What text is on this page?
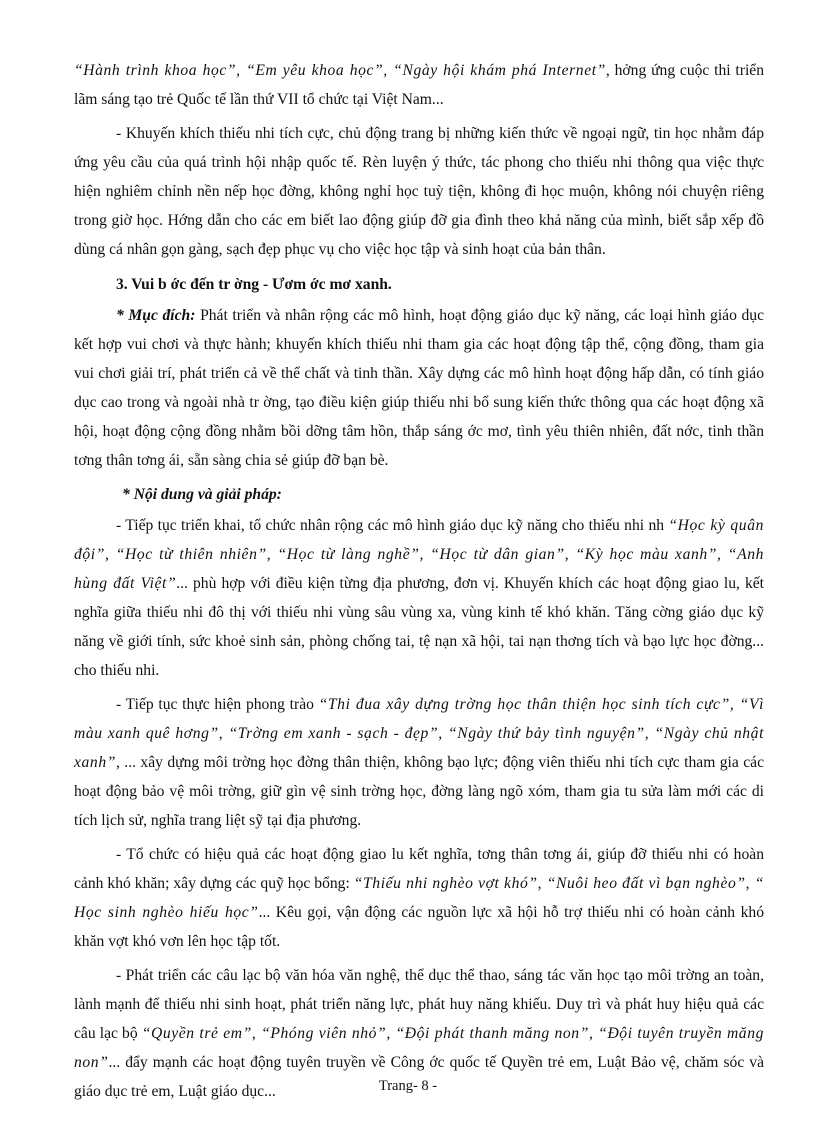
“Hành trình khoa học”, “Em yêu khoa học”, “Ngày hội khám phá Internet”, hởng ứng cuộc thi triển lãm sáng tạo trẻ Quốc tế lần thứ VII tổ chức tại Việt Nam...

- Khuyến khích thiếu nhi tích cực, chủ động trang bị những kiến thức về ngoại ngữ, tin học nhằm đáp ứng yêu cầu của quá trình hội nhập quốc tế. Rèn luyện ý thức, tác phong cho thiếu nhi thông qua việc thực hiện nghiêm chỉnh nền nếp học đờng, không nghỉ học tuỳ tiện, không đi học muộn, không nói chuyện riêng trong giờ học. Hớng dẫn cho các em biết lao động giúp đỡ gia đình theo khả năng của mình, biết sắp xếp đồ dùng cá nhân gọn gàng, sạch đẹp phục vụ cho việc học tập và sinh hoạt của bản thân.

3. Vui b ớc đến tr ờng - Ươm ớc mơ xanh.

* Mục đích: Phát triển và nhân rộng các mô hình, hoạt động giáo dục kỹ năng, các loại hình giáo dục kết hợp vui chơi và thực hành; khuyến khích thiếu nhi tham gia các hoạt động tập thể, cộng đồng, tham gia vui chơi giải trí, phát triển cả về thể chất và tinh thần. Xây dựng các mô hình hoạt động hấp dẫn, có tính giáo dục cao trong và ngoài nhà tr ờng, tạo điều kiện giúp thiếu nhi bổ sung kiến thức thông qua các hoạt động xã hội, hoạt động cộng đồng nhằm bồi dỡng tâm hồn, thắp sáng ớc mơ, tình yêu thiên nhiên, đất nớc, tinh thần tơng thân tơng ái, sẵn sàng chia sẻ giúp đỡ bạn bè.

* Nội dung và giải pháp:

- Tiếp tục triển khai, tổ chức nhân rộng các mô hình giáo dục kỹ năng cho thiếu nhi nh “Học kỳ quân đội”, “Học từ thiên nhiên”, “Học từ làng nghề”, “Học từ dân gian”, “Kỳ học màu xanh”, “Anh hùng đất Việt”... phù hợp với điều kiện từng địa phương, đơn vị. Khuyến khích các hoạt động giao lu, kết nghĩa giữa thiếu nhi đô thị với thiếu nhi vùng sâu vùng xa, vùng kinh tế khó khăn. Tăng cờng giáo dục kỹ năng về giới tính, sức khoẻ sinh sản, phòng chống tai, tệ nạn xã hội, tai nạn thơng tích và bạo lực học đờng... cho thiếu nhi.

- Tiếp tục thực hiện phong trào “Thi đua xây dựng trờng học thân thiện học sinh tích cực”, “Vì màu xanh quê hơng”, “Trờng em xanh - sạch - đẹp”, “Ngày thứ bảy tình nguyện”, “Ngày chủ nhật xanh”, ... xây dựng môi trờng học đờng thân thiện, không bạo lực; động viên thiếu nhi tích cực tham gia các hoạt động bảo vệ môi trờng, giữ gìn vệ sinh trờng học, đờng làng ngõ xóm, tham gia tu sửa làm mới các di tích lịch sử, nghĩa trang liệt sỹ tại địa phương.

- Tổ chức có hiệu quả các hoạt động giao lu kết nghĩa, tơng thân tơng ái, giúp đỡ thiếu nhi có hoàn cảnh khó khăn; xây dựng các quỹ học bổng: “Thiếu nhi nghèo vợt khó”, “Nuôi heo đất vì bạn nghèo”, “ Học sinh nghèo hiếu học”... Kêu gọi, vận động các nguồn lực xã hội hỗ trợ thiếu nhi có hoàn cảnh khó khăn vợt khó vơn lên học tập tốt.

- Phát triển các câu lạc bộ văn hóa văn nghệ, thể dục thể thao, sáng tác văn học tạo môi trờng an toàn, lành mạnh để thiếu nhi sinh hoạt, phát triển năng lực, phát huy năng khiếu. Duy trì và phát huy hiệu quả các câu lạc bộ “Quyền trẻ em”, “Phóng viên nhỏ”, “Đội phát thanh măng non”, “Đội tuyên truyền măng non”... đẩy mạnh các hoạt động tuyên truyền về Công ớc quốc tế Quyền trẻ em, Luật Bảo vệ, chăm sóc và giáo dục trẻ em, Luật giáo dục...	Trang- 8 -
